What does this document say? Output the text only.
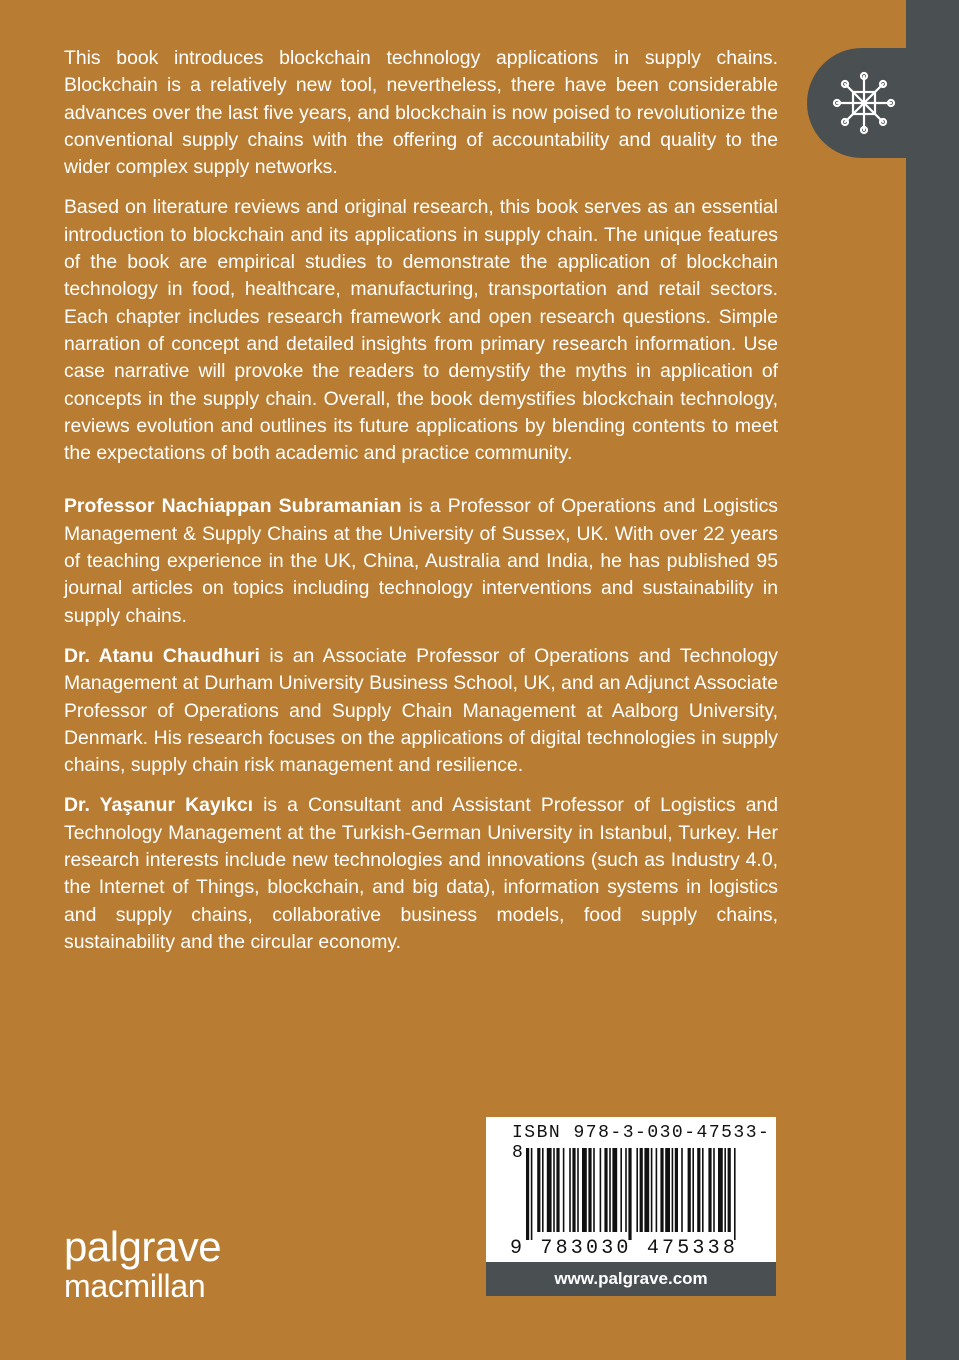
This book introduces blockchain technology applications in supply chains. Blockchain is a relatively new tool, nevertheless, there have been considerable advances over the last five years, and blockchain is now poised to revolutionize the conventional supply chains with the offering of accountability and quality to the wider complex supply networks.

Based on literature reviews and original research, this book serves as an essential introduction to blockchain and its applications in supply chain. The unique features of the book are empirical studies to demonstrate the application of blockchain technology in food, healthcare, manufacturing, transportation and retail sectors. Each chapter includes research framework and open research questions. Simple narration of concept and detailed insights from primary research information. Use case narrative will provoke the readers to demystify the myths in application of concepts in the supply chain. Overall, the book demystifies blockchain technology, reviews evolution and outlines its future applications by blending contents to meet the expectations of both academic and practice community.

Professor Nachiappan Subramanian is a Professor of Operations and Logistics Management & Supply Chains at the University of Sussex, UK. With over 22 years of teaching experience in the UK, China, Australia and India, he has published 95 journal articles on topics including technology interventions and sustainability in supply chains.

Dr. Atanu Chaudhuri is an Associate Professor of Operations and Technology Management at Durham University Business School, UK, and an Adjunct Associate Professor of Operations and Supply Chain Management at Aalborg University, Denmark. His research focuses on the applications of digital technologies in supply chains, supply chain risk management and resilience.

Dr. Yaşanur Kayıkcı is a Consultant and Assistant Professor of Logistics and Technology Management at the Turkish-German University in Istanbul, Turkey. Her research interests include new technologies and innovations (such as Industry 4.0, the Internet of Things, blockchain, and big data), information systems in logistics and supply chains, collaborative business models, food supply chains, sustainability and the circular economy.

palgrave
macmillan
ISBN 978-3-030-47533-8
9 783030 475338
www.palgrave.com
